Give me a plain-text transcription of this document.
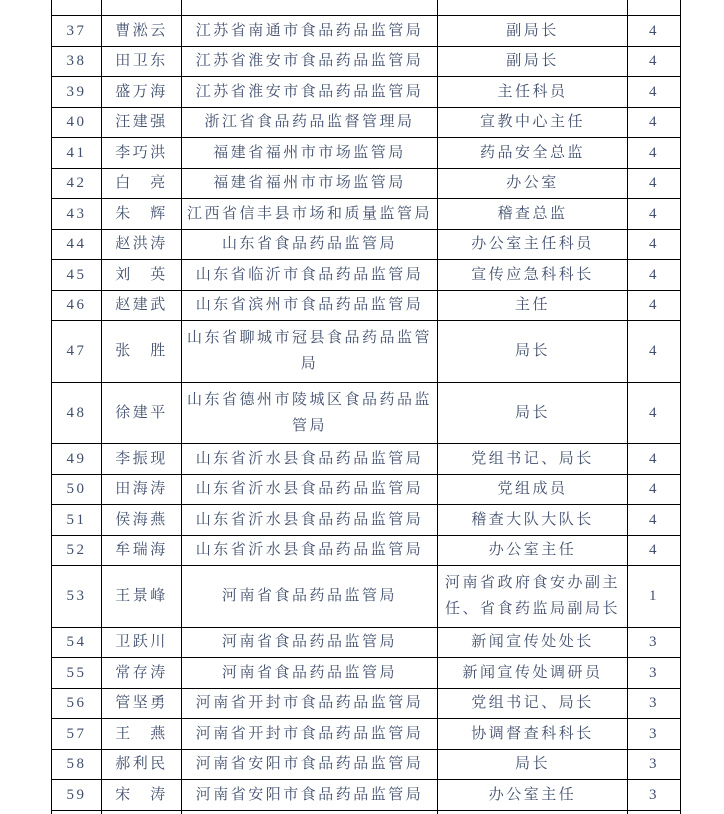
37	曹淞云	江苏省南通市食品药品监管局	副局长	4
38	田卫东	江苏省淮安市食品药品监管局	副局长	4
39	盛万海	江苏省淮安市食品药品监管局	主任科员	4
40	汪建强	浙江省食品药品监督管理局	宣教中心主任	4
41	李巧洪	福建省福州市市场监管局	药品安全总监	4
42	白　亮	福建省福州市市场监管局	办公室	4
43	朱　辉	江西省信丰县市场和质量监管局	稽查总监	4
44	赵洪涛	山东省食品药品监管局	办公室主任科员	4
45	刘　英	山东省临沂市食品药品监管局	宣传应急科科长	4
46	赵建武	山东省滨州市食品药品监管局	主任	4
47	张　胜	山东省聊城市冠县食品药品监管局	局长	4
48	徐建平	山东省德州市陵城区食品药品监管局	局长	4
49	李振现	山东省沂水县食品药品监管局	党组书记、局长	4
50	田海涛	山东省沂水县食品药品监管局	党组成员	4
51	侯海燕	山东省沂水县食品药品监管局	稽查大队大队长	4
52	牟瑞海	山东省沂水县食品药品监管局	办公室主任	4
53	王景峰	河南省食品药品监管局	河南省政府食安办副主任、省食药监局副局长	1
54	卫跃川	河南省食品药品监管局	新闻宣传处处长	3
55	常存涛	河南省食品药品监管局	新闻宣传处调研员	3
56	管坚勇	河南省开封市食品药品监管局	党组书记、局长	3
57	王　燕	河南省开封市食品药品监管局	协调督查科科长	3
58	郝利民	河南省安阳市食品药品监管局	局长	3
59	宋　涛	河南省安阳市食品药品监管局	办公室主任	3
